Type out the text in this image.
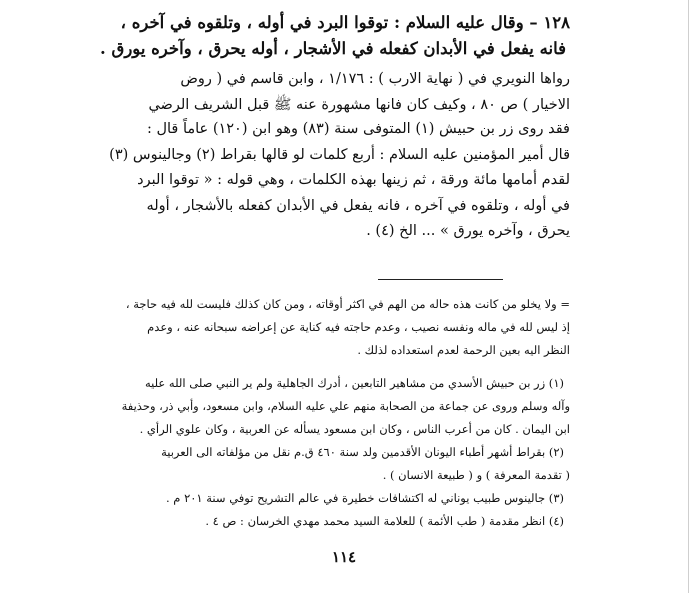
١٢٨ – وقال عليه السلام : توقوا البرد في أوله ، وتلقوه في آخره ،
فانه يفعل في الأبدان كفعله في الأشجار ، أوله يحرق ، وآخره يورق .
رواها النويري في ( نهاية الارب ) : ١/١٧٦ ، وابن قاسم في ( روض
الاخيار ) ص ٨٠ ، وكيف كان فانها مشهورة عنه ﷺ قبل الشريف الرضي
فقد روى زر بن حبيش (١) المتوفى سنة (٨٣) وهو ابن (١٢٠) عاماً قال :
قال أمير المؤمنين عليه السلام : أربع كلمات لو قالها بقراط (٢) وجالينوس (٣)
لقدم أمامها مائة ورقة ، ثم زينها بهذه الكلمات ، وهي قوله : « توقوا البرد
في أوله ، وتلقوه في آخره ، فانه يفعل في الأبدان كفعله بالأشجار ، أوله
يحرق ، وآخره يورق » ... الخ (٤) .
= ولا يخلو من كانت هذه حاله من الهم في اكثر أوقاته ، ومن كان كذلك فليست لله فيه حاجة ،
إذ ليس لله في ماله ونفسه نصيب ، وعدم حاجته فيه كناية عن إعراضه سبحانه عنه ، وعدم
النظر اليه بعين الرحمة لعدم استعداده لذلك .
(١) زر بن حبيش الأسدي من مشاهير التابعين ، أدرك الجاهلية ولم ير النبي صلى الله عليه
وآله وسلم وروى عن جماعة من الصحابة منهم علي عليه السلام، وابن مسعود، وأبي ذر، وحذيفة
ابن اليمان . كان من أعرب الناس ، وكان ابن مسعود يسأله عن العربية ، وكان علوي الرأي .
(٢) بقراط أشهر أطباء اليونان الأقدمين ولد سنة ٤٦٠ ق.م نقل من مؤلفاته الى العربية
( تقدمة المعرفة ) و ( طبيعة الانسان ) .
(٣) جالينوس طبيب يوناني له اكتشافات خطيرة في عالم التشريح توفي سنة ٢٠١ م .
(٤) انظر مقدمة ( طب الأئمة ) للعلامة السيد محمد مهدي الخرسان : ص ٤ .
١١٤
